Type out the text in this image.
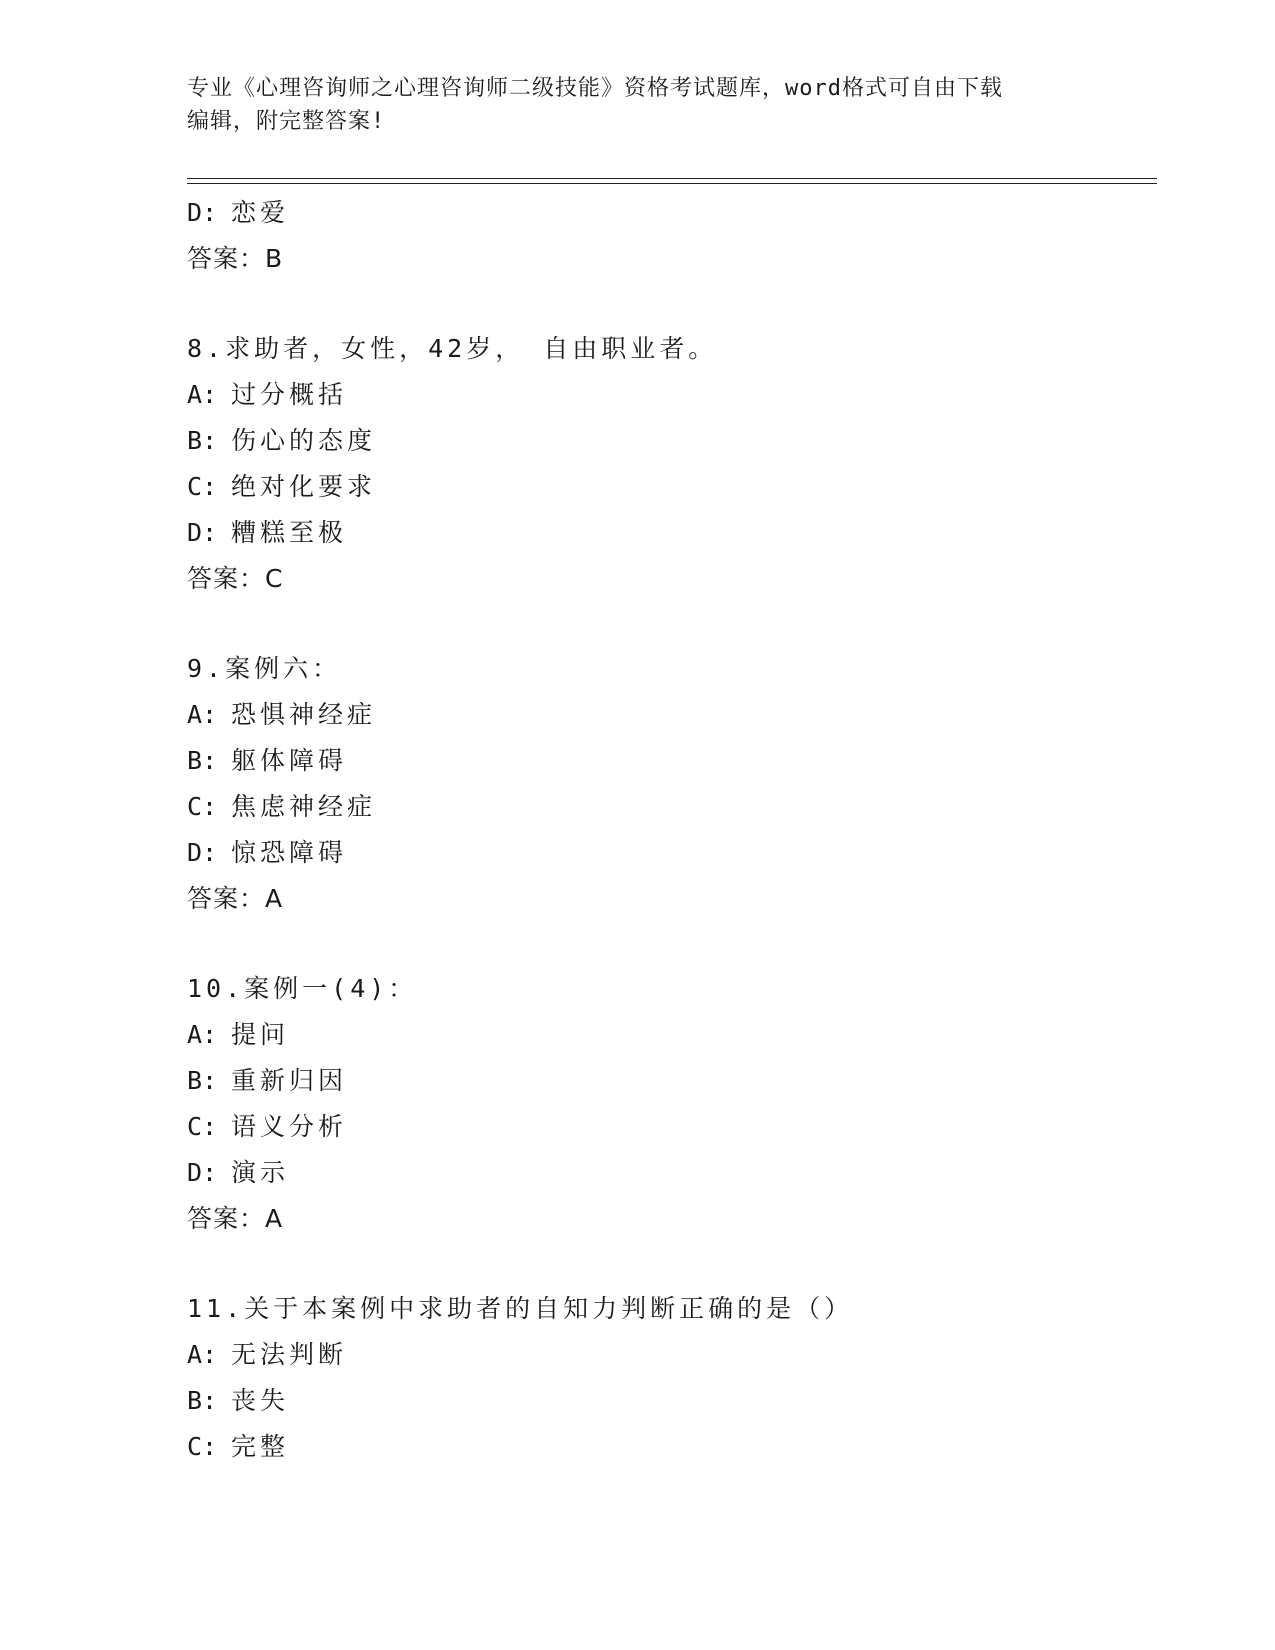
专业《心理咨询师之心理咨询师二级技能》资格考试题库，word格式可自由下载
编辑，附完整答案!
D: 恋爱
答案：B
8.求助者，女性，42岁， 自由职业者。
A: 过分概括
B: 伤心的态度
C: 绝对化要求
D: 糟糕至极
答案：C
9.案例六：
A: 恐惧神经症
B: 躯体障碍
C: 焦虑神经症
D: 惊恐障碍
答案：A
10.案例一(4)：
A: 提问
B: 重新归因
C: 语义分析
D: 演示
答案：A
11.关于本案例中求助者的自知力判断正确的是（）
A: 无法判断
B: 丧失
C: 完整
